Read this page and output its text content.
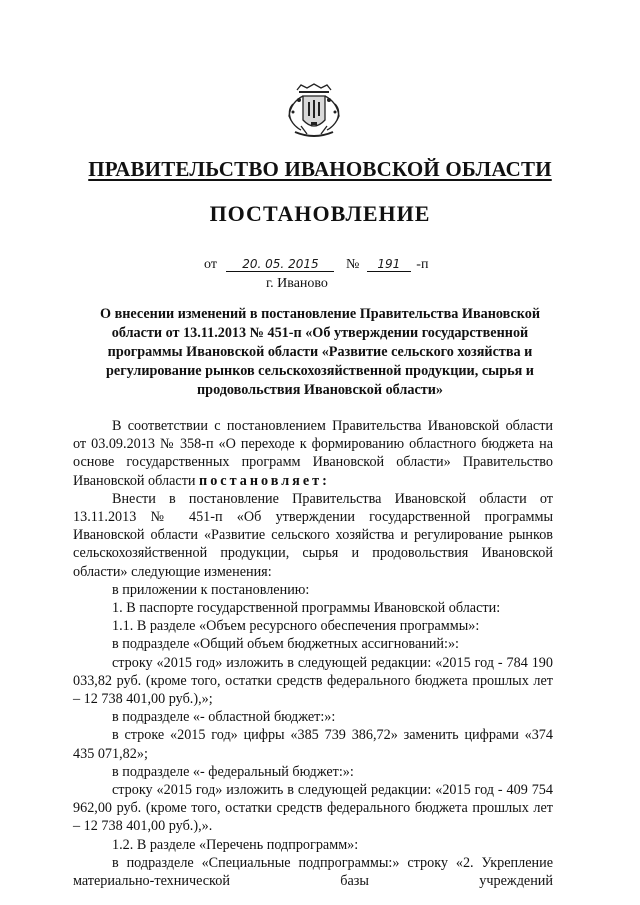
ПРАВИТЕЛЬСТВО ИВАНОВСКОЙ ОБЛАСТИ
ПОСТАНОВЛЕНИЕ
от 20. 05. 2015 № 191 -п
г. Иваново
О внесении изменений в постановление Правительства Ивановской области от 13.11.2013 № 451-п «Об утверждении государственной программы Ивановской области «Развитие сельского хозяйства и регулирование рынков сельскохозяйственной продукции, сырья и продовольствия Ивановской области»

В соответствии с постановлением Правительства Ивановской области от 03.09.2013 № 358-п «О переходе к формированию областного бюджета на основе государственных программ Ивановской области» Правительство Ивановской области постановляет:

Внести в постановление Правительства Ивановской области от 13.11.2013 № 451-п «Об утверждении государственной программы Ивановской области «Развитие сельского хозяйства и регулирование рынков сельскохозяйственной продукции, сырья и продовольствия Ивановской области» следующие изменения:

в приложении к постановлению:

1. В паспорте государственной программы Ивановской области:

1.1. В разделе «Объем ресурсного обеспечения программы»:

в подразделе «Общий объем бюджетных ассигнований:»:

строку «2015 год» изложить в следующей редакции: «2015 год - 784 190 033,82 руб. (кроме того, остатки средств федерального бюджета прошлых лет – 12 738 401,00 руб.),»;

в подразделе «- областной бюджет:»:

в строке «2015 год» цифры «385 739 386,72» заменить цифрами «374 435 071,82»;

в подразделе «- федеральный бюджет:»:

строку «2015 год» изложить в следующей редакции: «2015 год - 409 754 962,00 руб. (кроме того, остатки средств федерального бюджета прошлых лет – 12 738 401,00 руб.),».

1.2. В разделе «Перечень подпрограмм»:

в подразделе «Специальные подпрограммы:» строку «2. Укрепление материально-технической базы учреждений
